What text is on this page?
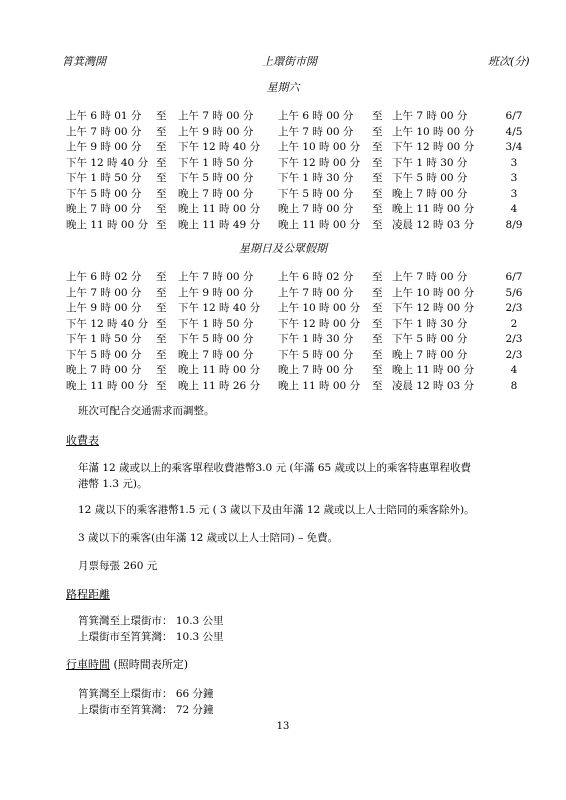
筲箕灣開	上環街市開	班次(分)
星期六
上午 6 時 01 分 至 上午 7 時 00 分 上午 6 時 00 分 至 上午 7 時 00 分	6/7
上午 7 時 00 分 至 上午 9 時 00 分 上午 7 時 00 分 至 上午 10 時 00 分	4/5
上午 9 時 00 分 至 下午 12 時 40 分 上午 10 時 00 分 至 下午 12 時 00 分	3/4
下午 12 時 40 分 至 下午 1 時 50 分 下午 12 時 00 分 至 下午 1 時 30 分	3
下午 1 時 50 分 至 下午 5 時 00 分 下午 1 時 30 分 至 下午 5 時 00 分	3
下午 5 時 00 分 至 晚上 7 時 00 分 下午 5 時 00 分 至 晚上 7 時 00 分	3
晚上 7 時 00 分 至 晚上 11 時 00 分 晚上 7 時 00 分 至 晚上 11 時 00 分	4
晚上 11 時 00 分 至 晚上 11 時 49 分 晚上 11 時 00 分 至 凌晨 12 時 03 分	8/9
星期日及公眾假期
上午 6 時 02 分 至 上午 7 時 00 分 上午 6 時 02 分 至 上午 7 時 00 分	6/7
上午 7 時 00 分 至 上午 9 時 00 分 上午 7 時 00 分 至 上午 10 時 00 分	5/6
上午 9 時 00 分 至 下午 12 時 40 分 上午 10 時 00 分 至 下午 12 時 00 分	2/3
下午 12 時 40 分 至 下午 1 時 50 分 下午 12 時 00 分 至 下午 1 時 30 分	2
下午 1 時 50 分 至 下午 5 時 00 分 下午 1 時 30 分 至 下午 5 時 00 分	2/3
下午 5 時 00 分 至 晚上 7 時 00 分 下午 5 時 00 分 至 晚上 7 時 00 分	2/3
晚上 7 時 00 分 至 晚上 11 時 00 分 晚上 7 時 00 分 至 晚上 11 時 00 分	4
晚上 11 時 00 分 至 晚上 11 時 26 分 晚上 11 時 00 分 至 凌晨 12 時 03 分	8
班次可配合交通需求而調整。
收費表
年滿 12 歲或以上的乘客單程收費港幣3.0 元 (年滿 65 歲或以上的乘客特惠單程收費
港幣 1.3 元)。
12 歲以下的乘客港幣1.5 元 ( 3 歲以下及由年滿 12 歲或以上人士陪同的乘客除外)。
3 歲以下的乘客(由年滿 12 歲或以上人士陪同) – 免費。
月票每張 260 元
路程距離
筲箕灣至上環街市： 10.3 公里
上環街市至筲箕灣： 10.3 公里
行車時間 (照時間表所定)
筲箕灣至上環街市： 66 分鐘
上環街市至筲箕灣： 72 分鐘
13
